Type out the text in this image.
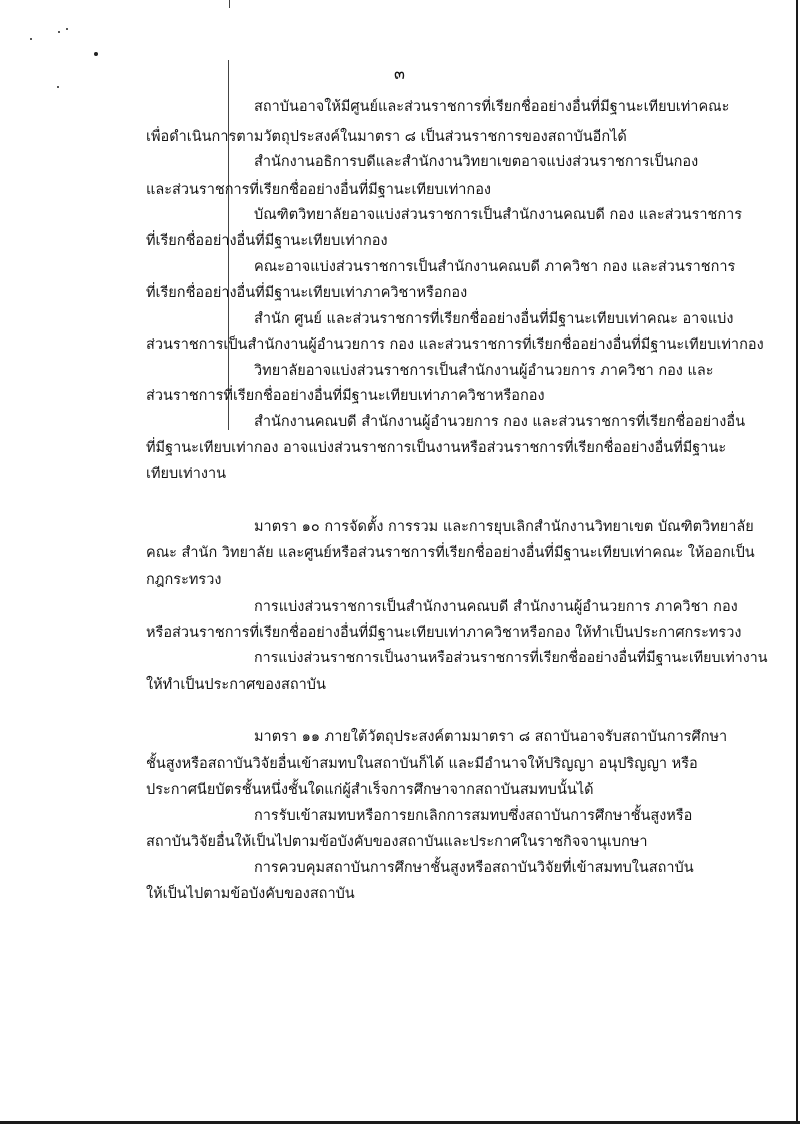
๓
สถาบันอาจให้มีศูนย์และส่วนราชการที่เรียกชื่ออย่างอื่นที่มีฐานะเทียบเท่าคณะ
เพื่อดำเนินการตามวัตถุประสงค์ในมาตรา ๘ เป็นส่วนราชการของสถาบันอีกได้
สำนักงานอธิการบดีและสำนักงานวิทยาเขตอาจแบ่งส่วนราชการเป็นกอง
และส่วนราชการที่เรียกชื่ออย่างอื่นที่มีฐานะเทียบเท่ากอง
บัณฑิตวิทยาลัยอาจแบ่งส่วนราชการเป็นสำนักงานคณบดี กอง และส่วนราชการ
ที่เรียกชื่ออย่างอื่นที่มีฐานะเทียบเท่ากอง
คณะอาจแบ่งส่วนราชการเป็นสำนักงานคณบดี ภาควิชา กอง และส่วนราชการ
ที่เรียกชื่ออย่างอื่นที่มีฐานะเทียบเท่าภาควิชาหรือกอง
สำนัก ศูนย์ และส่วนราชการที่เรียกชื่ออย่างอื่นที่มีฐานะเทียบเท่าคณะ อาจแบ่ง
ส่วนราชการเป็นสำนักงานผู้อำนวยการ กอง และส่วนราชการที่เรียกชื่ออย่างอื่นที่มีฐานะเทียบเท่ากอง
วิทยาลัยอาจแบ่งส่วนราชการเป็นสำนักงานผู้อำนวยการ ภาควิชา กอง และ
ส่วนราชการที่เรียกชื่ออย่างอื่นที่มีฐานะเทียบเท่าภาควิชาหรือกอง
สำนักงานคณบดี สำนักงานผู้อำนวยการ กอง และส่วนราชการที่เรียกชื่ออย่างอื่น
ที่มีฐานะเทียบเท่ากอง อาจแบ่งส่วนราชการเป็นงานหรือส่วนราชการที่เรียกชื่ออย่างอื่นที่มีฐานะ
เทียบเท่างาน
มาตรา ๑๐ การจัดตั้ง การรวม และการยุบเลิกสำนักงานวิทยาเขต บัณฑิตวิทยาลัย
คณะ สำนัก วิทยาลัย และศูนย์หรือส่วนราชการที่เรียกชื่ออย่างอื่นที่มีฐานะเทียบเท่าคณะ ให้ออกเป็น
กฎกระทรวง
การแบ่งส่วนราชการเป็นสำนักงานคณบดี สำนักงานผู้อำนวยการ ภาควิชา กอง
หรือส่วนราชการที่เรียกชื่ออย่างอื่นที่มีฐานะเทียบเท่าภาควิชาหรือกอง ให้ทำเป็นประกาศกระทรวง
การแบ่งส่วนราชการเป็นงานหรือส่วนราชการที่เรียกชื่ออย่างอื่นที่มีฐานะเทียบเท่างาน
ให้ทำเป็นประกาศของสถาบัน
มาตรา ๑๑ ภายใต้วัตถุประสงค์ตามมาตรา ๘ สถาบันอาจรับสถาบันการศึกษา
ชั้นสูงหรือสถาบันวิจัยอื่นเข้าสมทบในสถาบันก็ได้ และมีอำนาจให้ปริญญา อนุปริญญา หรือ
ประกาศนียบัตรชั้นหนึ่งชั้นใดแก่ผู้สำเร็จการศึกษาจากสถาบันสมทบนั้นได้
การรับเข้าสมทบหรือการยกเลิกการสมทบซึ่งสถาบันการศึกษาชั้นสูงหรือ
สถาบันวิจัยอื่นให้เป็นไปตามข้อบังคับของสถาบันและประกาศในราชกิจจานุเบกษา
การควบคุมสถาบันการศึกษาชั้นสูงหรือสถาบันวิจัยที่เข้าสมทบในสถาบัน
ให้เป็นไปตามข้อบังคับของสถาบัน
